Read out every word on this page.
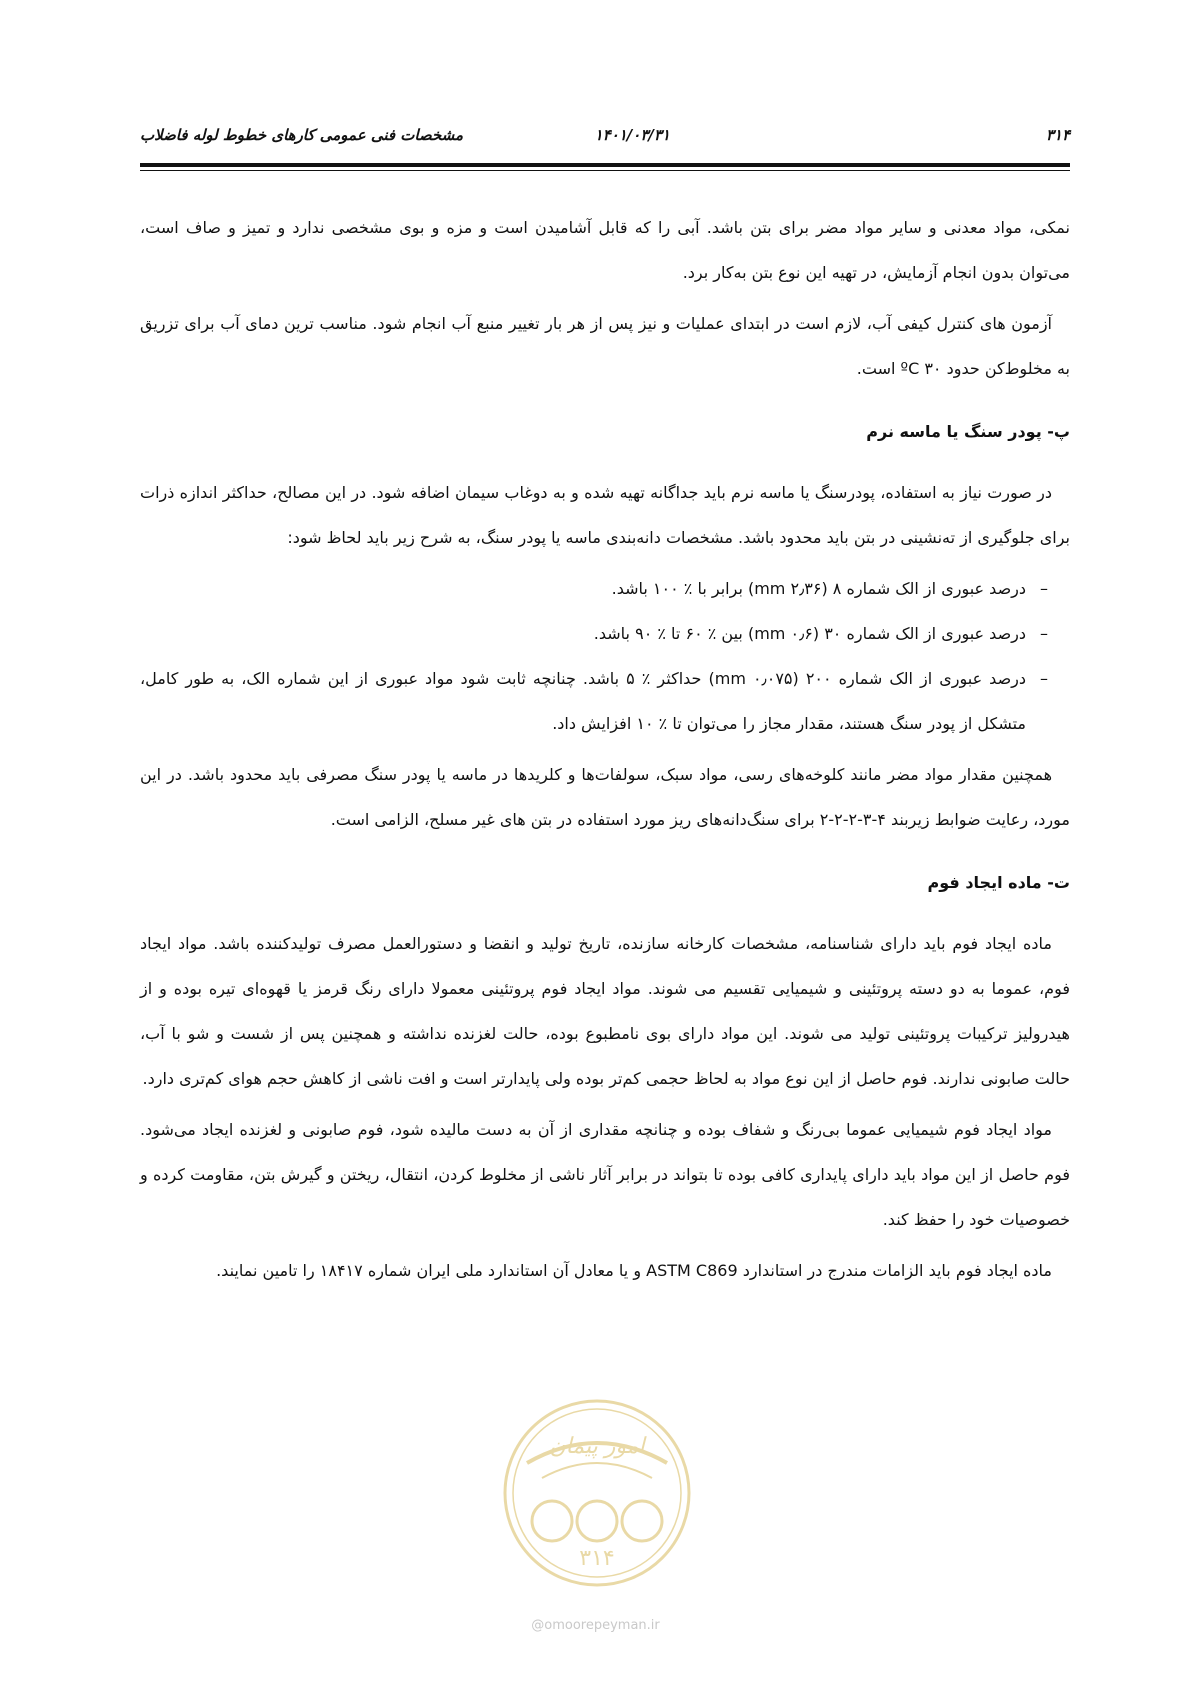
۳۱۴
۱۴۰۱/۰۳/۳۱
مشخصات فنی عمومی کارهای خطوط لوله فاضلاب

نمکی، مواد معدنی و سایر مواد مضر برای بتن باشد. آبی را که قابل آشامیدن است و مزه و بوی مشخصی ندارد و تمیز و صاف است، می‌توان بدون انجام آزمایش، در تهیه این نوع بتن به‌کار برد.

آزمون های کنترل کیفی آب، لازم است در ابتدای عملیات و نیز پس از هر بار تغییر منبع آب انجام شود. مناسب ترین دمای آب برای تزریق به مخلوط‌کن حدود ºC ۳۰ است.

پ- پودر سنگ یا ماسه نرم

در صورت نیاز به استفاده، پودرسنگ یا ماسه نرم باید جداگانه تهیه شده و به دوغاب سیمان اضافه شود. در این مصالح، حداکثر اندازه ذرات برای جلوگیری از ته‌نشینی در بتن باید محدود باشد. مشخصات دانه‌بندی ماسه یا پودر سنگ، به شرح زیر باید لحاظ شود:

–
درصد عبوری از الک شماره ۸ (۲٫۳۶ mm) برابر با ٪ ۱۰۰ باشد.
–
درصد عبوری از الک شماره ۳۰ (۰٫۶ mm) بین ٪ ۶۰ تا ٪ ۹۰ باشد.
–
درصد عبوری از الک شماره ۲۰۰ (۰٫۰۷۵ mm) حداکثر ٪ ۵ باشد. چنانچه ثابت شود مواد عبوری از این شماره الک، به طور کامل، متشکل از پودر سنگ هستند، مقدار مجاز را می‌توان تا ٪ ۱۰ افزایش داد.

همچنین مقدار مواد مضر مانند کلوخه‌های رسی، مواد سبک، سولفات‌ها و کلریدها در ماسه یا پودر سنگ مصرفی باید محدود باشد. در این مورد، رعایت ضوابط زیربند ۴-۳-۲-۲-۲ برای سنگ‌دانه‌های ریز مورد استفاده در بتن های غیر مسلح، الزامی است.

ت- ماده ایجاد فوم

ماده ایجاد فوم باید دارای شناسنامه، مشخصات کارخانه سازنده، تاریخ تولید و انقضا و دستورالعمل مصرف تولیدکننده باشد. مواد ایجاد فوم، عموما به دو دسته پروتئینی و شیمیایی تقسیم می شوند. مواد ایجاد فوم پروتئینی معمولا دارای رنگ قرمز یا قهوه‌ای تیره بوده و از هیدرولیز ترکیبات پروتئینی تولید می شوند. این مواد دارای بوی نامطبوع بوده، حالت لغزنده نداشته و همچنین پس از شست و شو با آب، حالت صابونی ندارند. فوم حاصل از این نوع مواد به لحاظ حجمی کم‌تر بوده ولی پایدارتر است و افت ناشی از کاهش حجم هوای کم‌تری دارد.

مواد ایجاد فوم شیمیایی عموما بی‌رنگ و شفاف بوده و چنانچه مقداری از آن به دست مالیده شود، فوم صابونی و لغزنده ایجاد می‌شود. فوم حاصل از این مواد باید دارای پایداری کافی بوده تا بتواند در برابر آثار ناشی از مخلوط کردن، انتقال، ریختن و گیرش بتن، مقاومت کرده و خصوصیات خود را حفظ کند.

ماده ایجاد فوم باید الزامات مندرج در استاندارد ASTM C869 و یا معادل آن استاندارد ملی ایران شماره ۱۸۴۱۷ را تامین نمایند.

امور پیمان
۳۱۴
@omoorepeyman.ir
